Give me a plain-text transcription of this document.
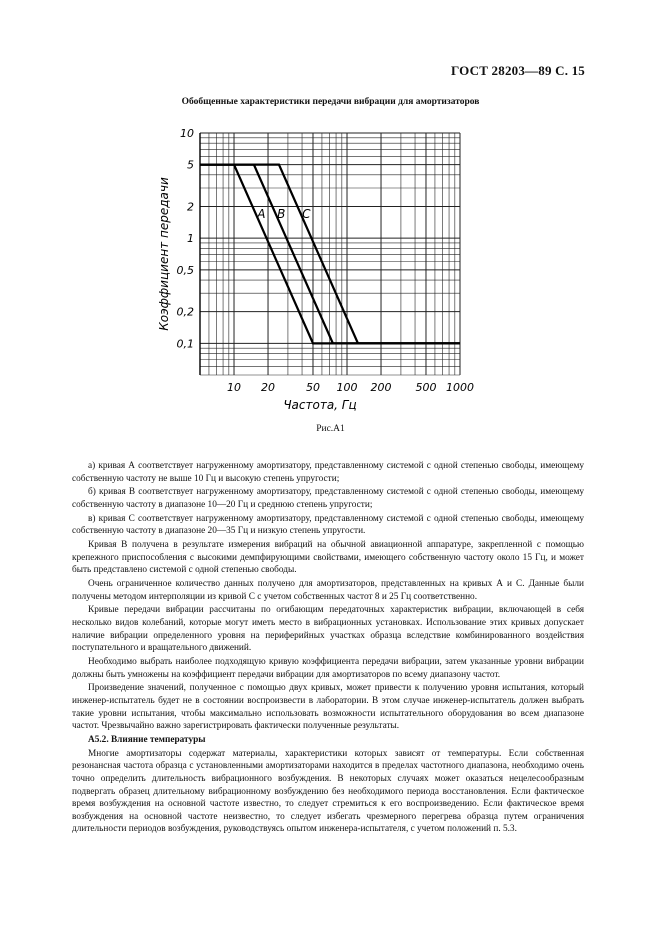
ГОСТ 28203—89 С. 15
Обобщенные характеристики передачи вибрации для амортизаторов
10 20	50 100 200 500 1000
10
5
2
1
0,5
0,2
0,1
Частота, Гц
Коэффициент передачи	A B C
Рис.А1

а) кривая А соответствует нагруженному амортизатору, представленному системой с одной степенью свободы, имеющему собственную частоту не выше 10 Гц и высокую степень упругости;

б) кривая В соответствует нагруженному амортизатору, представленному системой с одной степенью свободы, имеющему собственную частоту в диапазоне 10—20 Гц и среднюю степень упругости;

в) кривая С соответствует нагруженному амортизатору, представленному системой с одной степенью свободы, имеющему собственную частоту в диапазоне 20—35 Гц и низкую степень упругости.

Кривая В получена в результате измерения вибраций на обычной авиационной аппаратуре, закрепленной с помощью крепежного приспособления с высокими демпфирующими свойствами, имеющего собственную частоту около 15 Гц, и может быть представлено системой с одной степенью свободы.

Очень ограниченное количество данных получено для амортизаторов, представленных на кривых А и С. Данные были получены методом интерполяции из кривой С с учетом собственных частот 8 и 25 Гц соответственно.

Кривые передачи вибрации рассчитаны по огибающим передаточных характеристик вибрации, включающей в себя несколько видов колебаний, которые могут иметь место в вибрационных установках. Использование этих кривых допускает наличие вибрации определенного уровня на периферийных участках образца вследствие комбинированного воздействия поступательного и вращательного движений.

Необходимо выбрать наиболее подходящую кривую коэффициента передачи вибрации, затем указанные уровни вибрации должны быть умножены на коэффициент передачи вибрации для амортизаторов по всему диапазону частот.

Произведение значений, полученное с помощью двух кривых, может привести к получению уровня испытания, который инженер-испытатель будет не в состоянии воспроизвести в лаборатории. В этом случае инженер-испытатель должен выбрать такие уровни испытания, чтобы максимально использовать возможности испытательного оборудования во всем диапазоне частот. Чрезвычайно важно зарегистрировать фактически полученные результаты.

А5.2. Влияние температуры

Многие амортизаторы содержат материалы, характеристики которых зависят от температуры. Если собственная резонансная частота образца с установленными амортизаторами находится в пределах частотного диапазона, необходимо очень точно определить длительность вибрационного возбуждения. В некоторых случаях может оказаться нецелесообразным подвергать образец длительному вибрационному возбуждению без необходимого периода восстановления. Если фактическое время возбуждения на основной частоте известно, то следует стремиться к его воспроизведению. Если фактическое время возбуждения на основной частоте неизвестно, то следует избегать чрезмерного перегрева образца путем ограничения длительности периодов возбуждения, руководствуясь опытом инженера-испытателя, с учетом положений п. 5.3.
